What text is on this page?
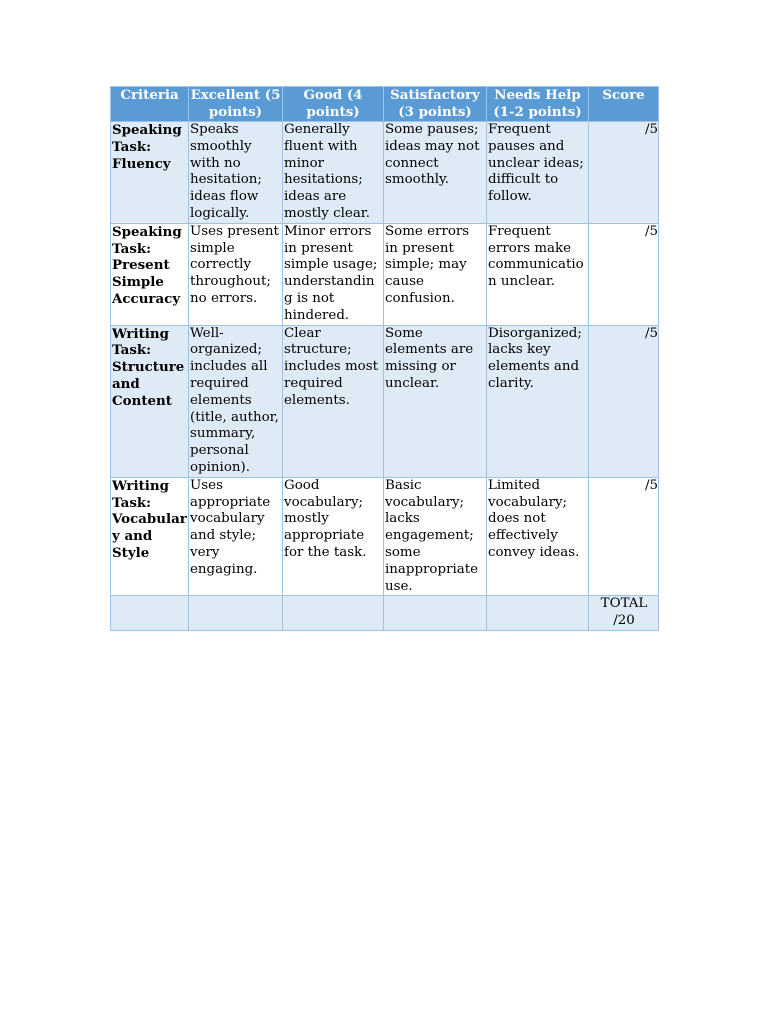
Criteria	Excellent (5 points)	Good (4 points)	Satisfactory (3 points)	Needs Help (1-2 points)	Score
Speaking Task: Fluency	Speaks smoothly with no hesitation; ideas flow logically.	Generally fluent with minor hesitations; ideas are mostly clear.	Some pauses; ideas may not connect smoothly.	Frequent pauses and unclear ideas; difficult to follow.	/5
Speaking Task: Present Simple Accuracy	Uses present simple correctly throughout; no errors.	Minor errors in present simple usage; understanding is not hindered.	Some errors in present simple; may cause confusion.	Frequent errors make communication unclear.	/5
Writing Task: Structure and Content	Well-organized; includes all required elements (title, author, summary, personal opinion).	Clear structure; includes most required elements.	Some elements are missing or unclear.	Disorganized; lacks key elements and clarity.	/5
Writing Task: Vocabulary and Style	Uses appropriate vocabulary and style; very engaging.	Good vocabulary; mostly appropriate for the task.	Basic vocabulary; lacks engagement; some inappropriate use.	Limited vocabulary; does not effectively convey ideas.	/5
					TOTAL /20
